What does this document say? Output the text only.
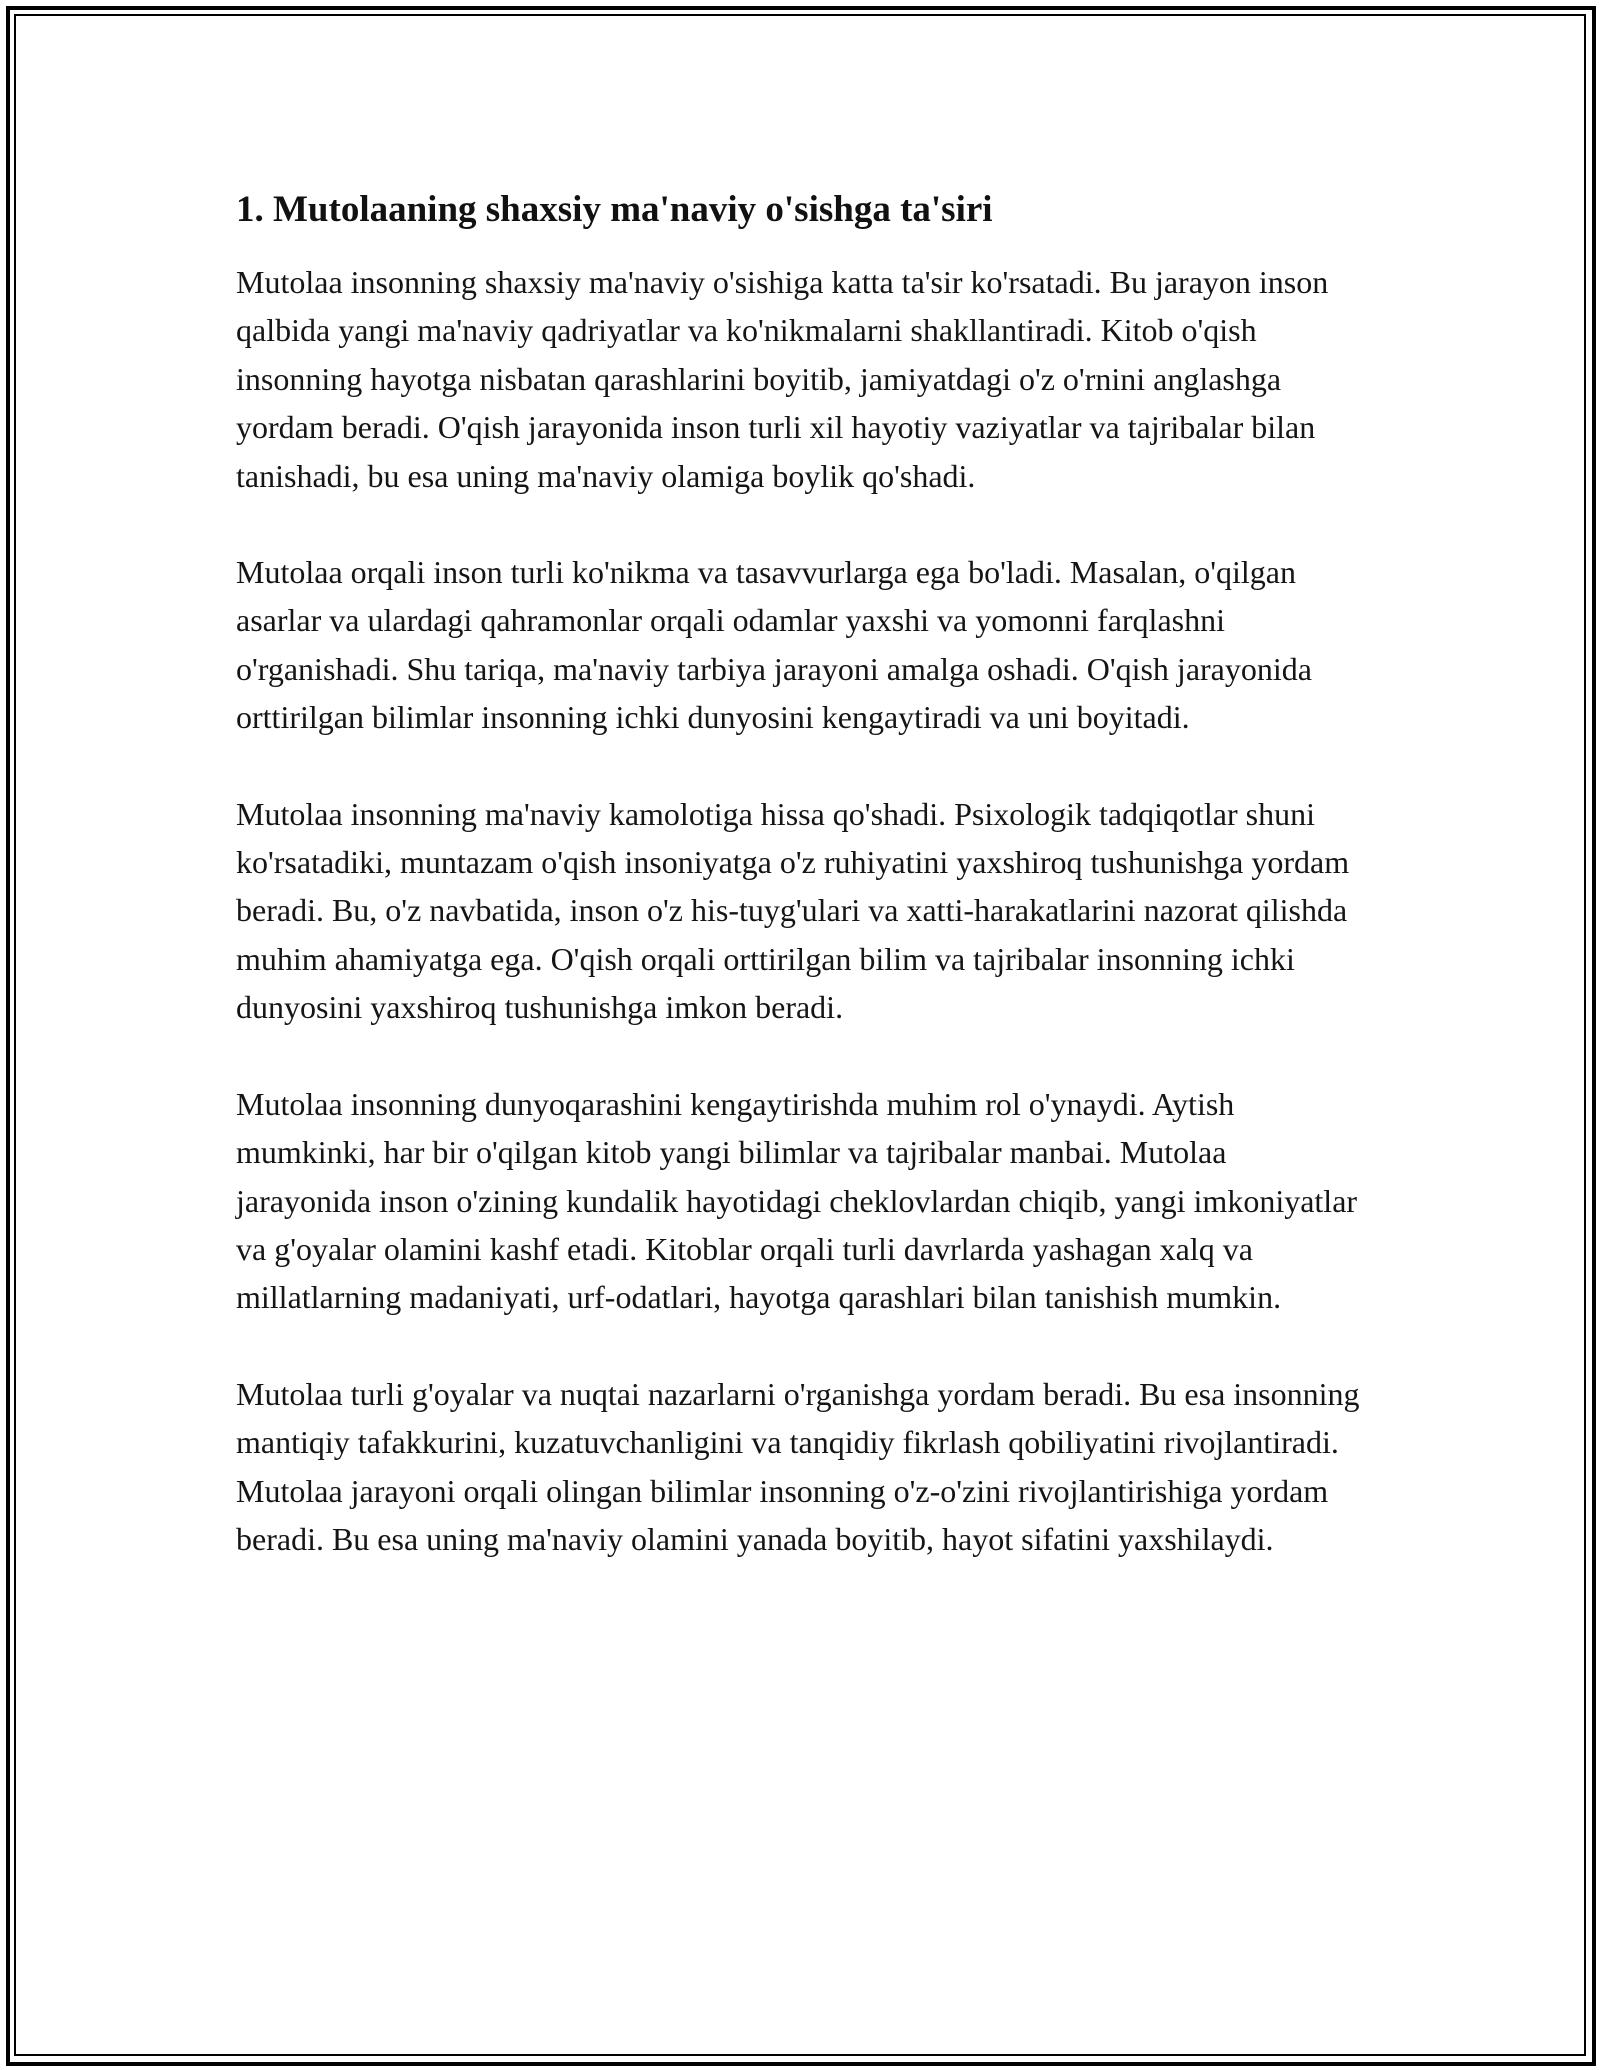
1. Mutolaaning shaxsiy ma'naviy o'sishga ta'siri

Mutolaa insonning shaxsiy ma'naviy o'sishiga katta ta'sir ko'rsatadi. Bu jarayon inson qalbida yangi ma'naviy qadriyatlar va ko'nikmalarni shakllantiradi. Kitob o'qish insonning hayotga nisbatan qarashlarini boyitib, jamiyatdagi o'z o'rnini anglashga yordam beradi. O'qish jarayonida inson turli xil hayotiy vaziyatlar va tajribalar bilan tanishadi, bu esa uning ma'naviy olamiga boylik qo'shadi.

Mutolaa orqali inson turli ko'nikma va tasavvurlarga ega bo'ladi. Masalan, o'qilgan asarlar va ulardagi qahramonlar orqali odamlar yaxshi va yomonni farqlashni o'rganishadi. Shu tariqa, ma'naviy tarbiya jarayoni amalga oshadi. O'qish jarayonida orttirilgan bilimlar insonning ichki dunyosini kengaytiradi va uni boyitadi.

Mutolaa insonning ma'naviy kamolotiga hissa qo'shadi. Psixologik tadqiqotlar shuni ko'rsatadiki, muntazam o'qish insoniyatga o'z ruhiyatini yaxshiroq tushunishga yordam beradi. Bu, o'z navbatida, inson o'z his-tuyg'ulari va xatti-harakatlarini nazorat qilishda muhim ahamiyatga ega. O'qish orqali orttirilgan bilim va tajribalar insonning ichki dunyosini yaxshiroq tushunishga imkon beradi.

Mutolaa insonning dunyoqarashini kengaytirishda muhim rol o'ynaydi. Aytish mumkinki, har bir o'qilgan kitob yangi bilimlar va tajribalar manbai. Mutolaa jarayonida inson o'zining kundalik hayotidagi cheklovlardan chiqib, yangi imkoniyatlar va g'oyalar olamini kashf etadi. Kitoblar orqali turli davrlarda yashagan xalq va millatlarning madaniyati, urf-odatlari, hayotga qarashlari bilan tanishish mumkin.

Mutolaa turli g'oyalar va nuqtai nazarlarni o'rganishga yordam beradi. Bu esa insonning mantiqiy tafakkurini, kuzatuvchanligini va tanqidiy fikrlash qobiliyatini rivojlantiradi. Mutolaa jarayoni orqali olingan bilimlar insonning o'z-o'zini rivojlantirishiga yordam beradi. Bu esa uning ma'naviy olamini yanada boyitib, hayot sifatini yaxshilaydi.
